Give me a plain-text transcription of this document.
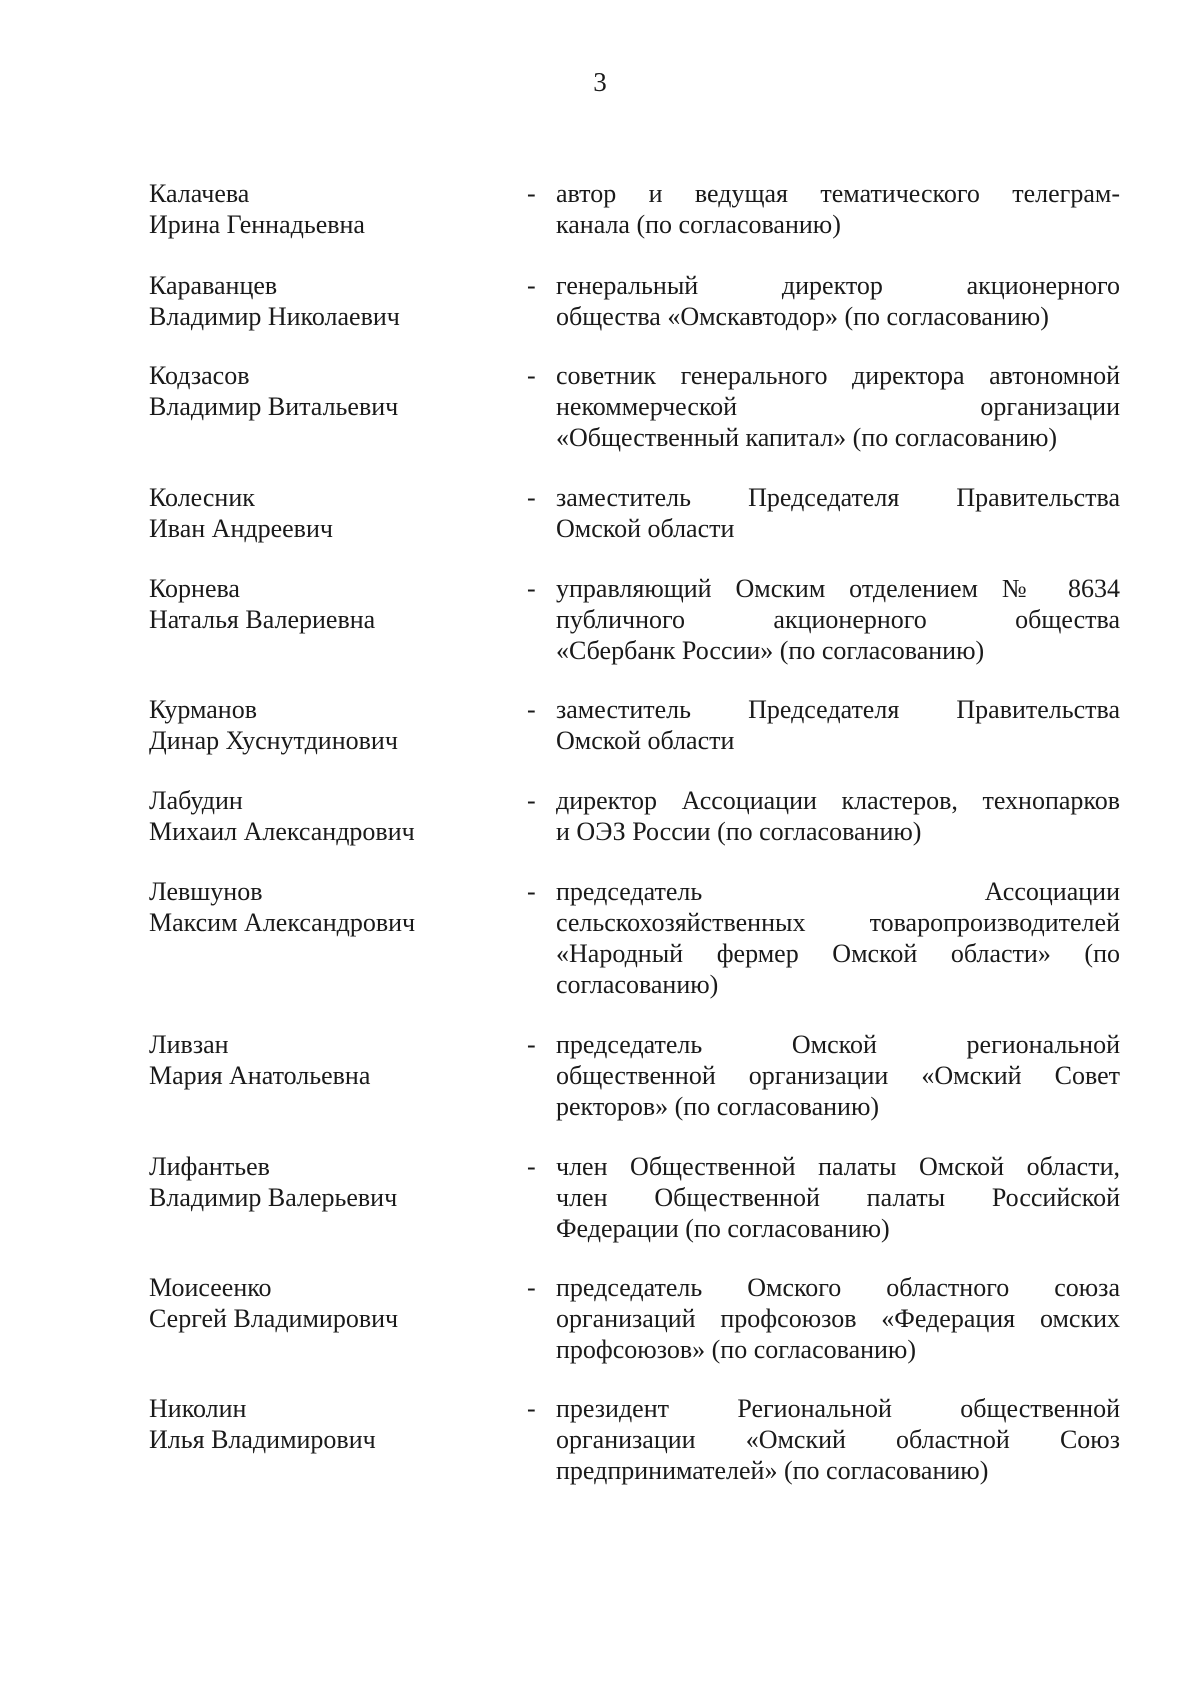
3
Калачева
Ирина Геннадьевна
- автор и ведущая тематического телеграм-
канала (по согласованию)
Караванцев
Владимир Николаевич
- генеральный директор акционерного
общества «Омскавтодор» (по согласованию)
Кодзасов
Владимир Витальевич
- советник генерального директора автономной
некоммерческой организации
«Общественный капитал» (по согласованию)
Колесник
Иван Андреевич
- заместитель Председателя Правительства
Омской области
Корнева
Наталья Валериевна
- управляющий Омским отделением № 8634
публичного акционерного общества
«Сбербанк России» (по согласованию)
Курманов
Динар Хуснутдинович
- заместитель Председателя Правительства
Омской области
Лабудин
Михаил Александрович
- директор Ассоциации кластеров, технопарков
и ОЭЗ России (по согласованию)
Левшунов
Максим Александрович
- председатель Ассоциации
сельскохозяйственных товаропроизводителей
«Народный фермер Омской области» (по
согласованию)
Ливзан
Мария Анатольевна
- председатель Омской региональной
общественной организации «Омский Совет
ректоров» (по согласованию)
Лифантьев
Владимир Валерьевич
- член Общественной палаты Омской области,
член Общественной палаты Российской
Федерации (по согласованию)
Моисеенко
Сергей Владимирович
- председатель Омского областного союза
организаций профсоюзов «Федерация омских
профсоюзов» (по согласованию)
Николин
Илья Владимирович
- президент Региональной общественной
организации «Омский областной Союз
предпринимателей» (по согласованию)
